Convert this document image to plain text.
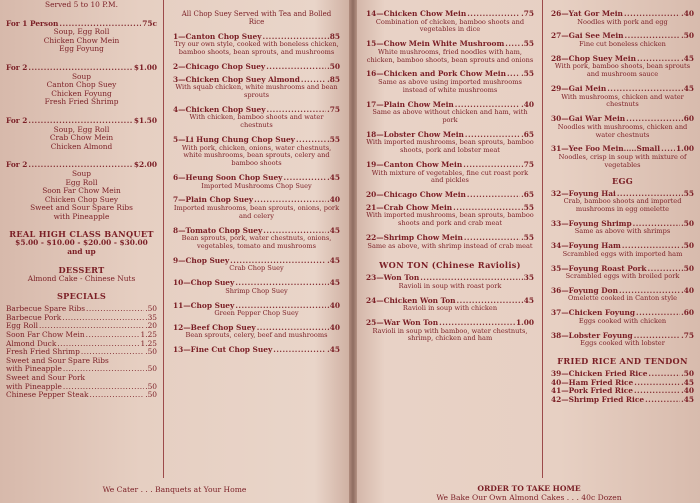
Served 5 to 10 P.M.
For 1 Person .....	75c
Soup, Egg Roll
Chicken Chow Mein
Egg Foyung
For 2 .....	$1.00
Soup
Canton Chop Suey
Chicken Foyung
Fresh Fried Shrimp
For 2 .....	$1.50
Soup, Egg Roll
Crab Chow Mein
Chicken Almond
For 2 .....	$2.00
Soup
Egg Roll
Soon Far Chow Mein
Chicken Chop Suey
Sweet and Sour Spare Ribs
with Pineapple
REAL HIGH CLASS BANQUET
$5.00 - $10.00 - $20.00 - $30.00
and up
DESSERT
Almond Cake - Chinese Nuts
SPECIALS
Barbecue Spare Ribs .....	.50
Barbecue Pork .....	.35
Egg Roll .....	.20
Soon Far Chow Mein .....	1.25
Almond Duck .....	1.25
Fresh Fried Shrimp .....	.50
Sweet and Sour Spare Ribs
with Pineapple .....	.50
Sweet and Sour Pork
with Pineapple .....	.50
Chinese Pepper Steak .....	.50
All Chop Suey Served with Tea and Bolled Rice
1—Canton Chop Suey .....	.85
Try our own style, cooked with boneless chicken, bamboo shoots, bean sprouts, and mushrooms
2—Chicago Chop Suey .....	.50
3—Chicken Chop Suey Almond .....	.85
With squab chicken, white mushrooms and bean sprouts
4—Chicken Chop Suey .....	.75
With chicken, bamboo shoots and water chestnuts
5—Li Hung Chung Chop Suey .....	.55
With pork, chicken, onions, water chestnuts, white mushrooms, bean sprouts, celery and bamboo shoots
6—Heung Soon Chop Suey .....	.45
Imported Mushrooms Chop Suey
7—Plain Chop Suey .....	.40
Imported mushrooms, bean sprouts, onions, pork and celery
8—Tomato Chop Suey .....	.45
Bean sprouts, pork, water chestnuts, onions, vegetables, tomato and mushrooms
9—Chop Suey .....	.45
Crab Chop Suey
10—Chop Suey .....	.45
Shrimp Chop Suey
11—Chop Suey .....	.40
Green Pepper Chop Suey
12—Beef Chop Suey .....	.40
Bean sprouts, celery, beef and mushrooms
13—Fine Cut Chop Suey .....	.45
14—Chicken Chow Mein .....	.75
Combination of chicken, bamboo shoots and vegetables in dice
15—Chow Mein White Mushroom ..... .55
White mushrooms, fried noodles with ham, chicken, bamboo shoots, bean sprouts and onions
16—Chicken and Pork Chow Mein ..... .55
Same as above using imported mushrooms instead of white mushrooms
17—Plain Chow Mein .....	.40
Same as above without chicken and ham, with pork
18—Lobster Chow Mein .....	.65
With imported mushrooms, bean sprouts, bamboo shoots, pork and lobster meat
19—Canton Chow Mein .....	.75
With mixture of vegetables, fine cut roast pork and pickles
20—Chicago Chow Mein .....	.65
21—Crab Chow Mein .....	.55
With imported mushrooms, bean sprouts, bamboo shoots and pork and crab meat
22—Shrimp Chow Mein .....	.55
Same as above, with shrimp instead of crab meat
WON TON (Chinese Raviolis)
23—Won Ton .....	.35
Ravioli in soup with roast pork
24—Chicken Won Ton .....	.45
Ravioli in soup with chicken
25—War Won Ton .....	1.00
Ravioli in soup with bamboo, water chestnuts, shrimp, chicken and ham
26—Yat Gor Mein .....	.40
Noodles with pork and egg
27—Gai See Mein .....	.50
Fine cut boneless chicken
28—Chop Suey Mein .....	.45
With pork, bamboo shoots, bean sprouts and mushroom sauce
29—Gai Mein .....	.45
With mushrooms, chicken and water chestnuts
30—Gai War Mein .....	.60
Noodles with mushrooms, chicken and water chestnuts
31—Yee Foo Mein.....Small ..... 1.00
Noodles, crisp in soup with mixture of vegetables
EGG
32—Foyung Hai .....	.55
Crab, bamboo shoots and imported mushrooms in egg omelette
33—Foyung Shrimp .....	.50
Same as above with shrimps
34—Foyung Ham .....	.50
Scrambled eggs with imported ham
35—Foyung Roast Pork .....	.50
Scrambled eggs with broiled pork
36—Foyung Don .....	.40
Omelette cooked in Canton style
37—Chicken Foyung .....	.60
Eggs cooked with chicken
38—Lobster Foyung .....	.75
Eggs cooked with lobster
FRIED RICE AND TENDON
39—Chicken Fried Rice .....	.50
40—Ham Fried Rice .....	.45
41—Pork Fried Rice .....	.40
42—Shrimp Fried Rice .....	.45
We Cater . . . Banquets at Your Home	ORDER TO TAKE HOME
We Bake Our Own Almond Cakes . . . 40c Dozen
